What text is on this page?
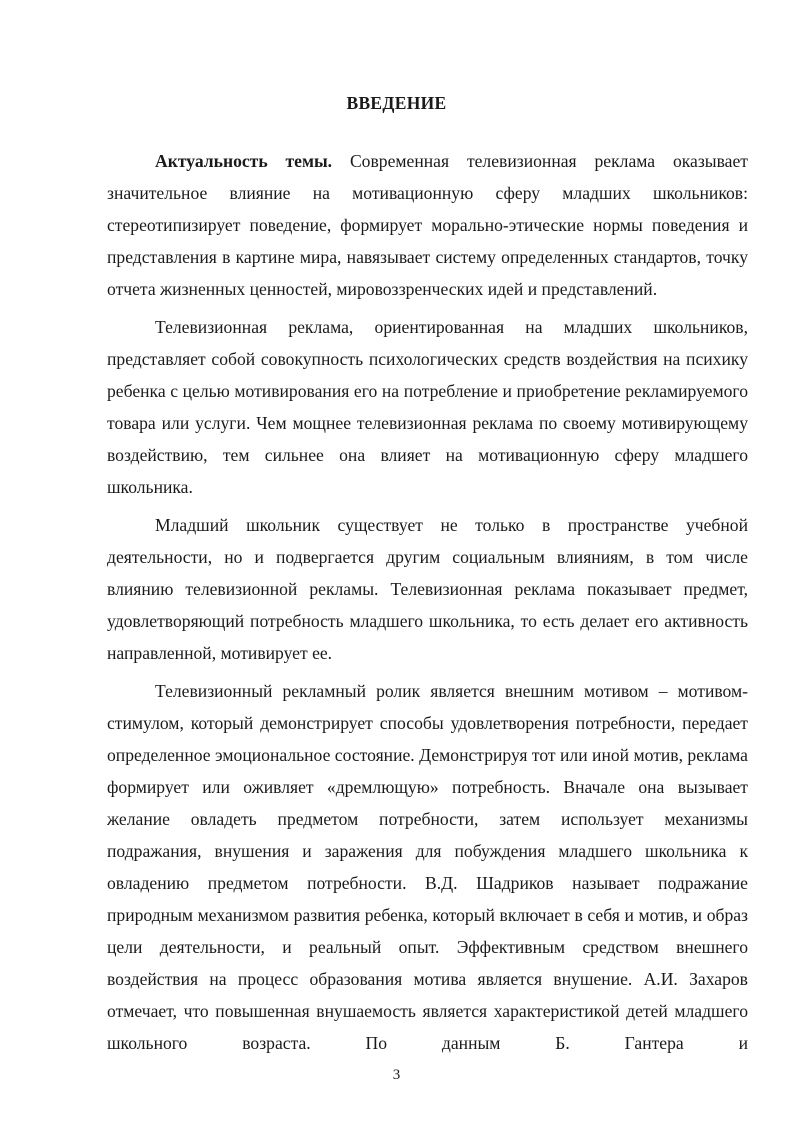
ВВЕДЕНИЕ

Актуальность темы. Современная телевизионная реклама оказывает значительное влияние на мотивационную сферу младших школьников: стереотипизирует поведение, формирует морально-этические нормы поведения и представления в картине мира, навязывает систему определенных стандартов, точку отчета жизненных ценностей, мировоззренческих идей и представлений.

Телевизионная реклама, ориентированная на младших школьников, представляет собой совокупность психологических средств воздействия на психику ребенка с целью мотивирования его на потребление и приобретение рекламируемого товара или услуги. Чем мощнее телевизионная реклама по своему мотивирующему воздействию, тем сильнее она влияет на мотивационную сферу младшего школьника.

Младший школьник существует не только в пространстве учебной деятельности, но и подвергается другим социальным влияниям, в том числе влиянию телевизионной рекламы. Телевизионная реклама показывает предмет, удовлетворяющий потребность младшего школьника, то есть делает его активность направленной, мотивирует ее.

Телевизионный рекламный ролик является внешним мотивом – мотивом-стимулом, который демонстрирует способы удовлетворения потребности, передает определенное эмоциональное состояние. Демонстрируя тот или иной мотив, реклама формирует или оживляет «дремлющую» потребность. Вначале она вызывает желание овладеть предметом потребности, затем использует механизмы подражания, внушения и заражения для побуждения младшего школьника к овладению предметом потребности. В.Д. Шадриков называет подражание природным механизмом развития ребенка, который включает в себя и мотив, и образ цели деятельности, и реальный опыт. Эффективным средством внешнего воздействия на процесс образования мотива является внушение. А.И. Захаров отмечает, что повышенная внушаемость является характеристикой детей младшего школьного возраста. По данным Б. Гантера и

3
